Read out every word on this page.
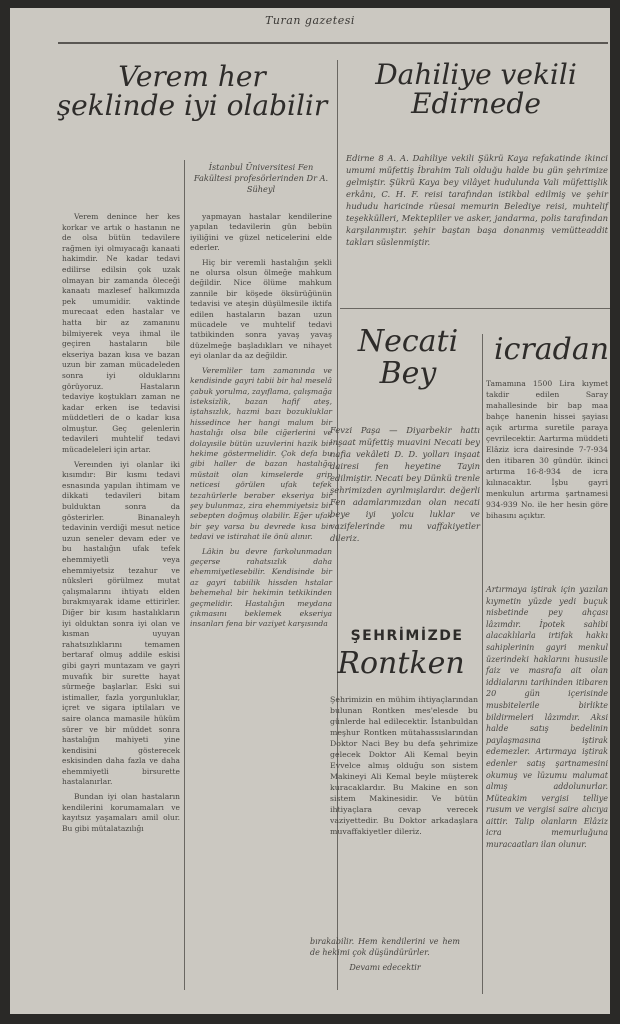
Turan gazetesi
Verem her şeklinde iyi olabilir

Verem denince her kes korkar ve artık o hastanın ne de olsa bütün tedavilere rağmen iyi olmıyacağı kanaati hakimdir. Ne kadar tedavi edilirse edilsin çok uzak olmayan bir zamanda öleceği kanaatı mazlesef halkımızda pek umumidir. vaktinde murecaat eden hastalar ve hatta bir az zamanınu bilmiyerek veya ihmal ile geçiren hastaların bile ekseriya bazan kısa ve bazan uzun bir zaman mücadeleden sonra iyi olduklarını görüyoruz. Hastaların tedaviye koştukları zaman ne kadar erken ise tedavisi müddetleri de o kadar kısa olmuştur. Geç gelenlerin tedavileri muhtelif tedavi mücadeleleri için artar.

Vereınden iyi olanlar iki kısımdır: Bir kısmı tedavi esnasında yapılan ihtimam ve dikkati tedavileri bitam bulduktan sonra da gösterirler. Binanaleyh tedavinin verdiği mesut netice uzun seneler devam eder ve bu hastalığın ufak tefek ehemmiyetli veya ehemmiyetsiz tezahur ve nüksleri görülmez mutat çalışmalarını ihtiyatı elden bırakmıyarak idame ettirirler. Diğer bir kısım hastalıkların iyi olduktan sonra iyi olan ve kısman uyuyan rahatsızlıklarını temamen bertaraf olmuş addile eskisi gibi gayri muntazam ve gayri muvafık bir surette hayat sürmeğe başlarlar. Eski sui istimaller, fazla yorgunluklar, içret ve sigara iptilaları ve saire olanca mamasile hüküm sürer ve bir müddet sonra hastalığın mahiyeti yine kendisini gösterecek eskisinden daha fazla ve daha ehemmiyetli birsurette hastalanırlar.

Bundan iyi olan hastaların kendilerini korumamaları ve kayıtsız yaşamaları amil olur. Bu gibi mütalatazılığı

İstanbul Üniversitesi Fen Fakültesi profesörlerinden Dr A. Süheyl

yapmayan hastalar kendilerine yapılan tedavilerin gün bebün iyiliğini ve güzel neticelerini elde ederler.

Hiç bir veremli hastalığın şekli ne olursa olsun ölmeğe mahkum değildir. Nice ölüme mahkum zannile bir köşede öksürüğünün tedavisi ve ateşin düşülmesile iktifa edilen hastaların bazan uzun mücadele ve muhtelif tedavi tatbikinden sonra yavaş yavaş düzelmeğe başladıkları ve nihayet eyi olanlar da az değildir.

Veremliler tam zamanında ve kendisinde gayri tabii bir hal meselâ çabuk yorulma, zayıflama, çalışmağa isteksizlik, bazan hafif ateş, iştahsızlık, hazmi bazı bozukluklar hissedince her hangi malum bir hastalığı olsa bile ciğerlerini ve dolayısile bütün uzuvlerini hazik bir hekime göstermelidir. Çok defa bu gibi haller de bazan hastalığa müstait olan kimselerde grip neticesi görülen ufak tefek tezahürlerle beraber ekseriya bir şey bulunmaz, zira ehemmiyetsiz bir sebepten doğmuş olabilir. Eğer ufak bir şey varsa bu devrede kısa bir tedavi ve istirahat ile önü alınır.

Lâkin bu devre farkolunmadan geçerse rahatsızlık daha ehemmiyetlesebilir. Kendisinde bir az gayri tabiilik hissden hstalar behemehal bir hekimin tetkikinden geçmelidir. Hastalığın meydana çıkmasını beklemek ekseriya insanları fena bir vaziyet karşısında

bırakabilir. Hem kendilerini ve hem de hekimi çok düşündürürler.

Devamı edecektir
Dahiliye vekili Edirnede
Edirne 8 A. A. Dahiliye vekili Şükrü Kaya refakatinde ikinci umumi müfettiş İbrahim Tali olduğu halde bu gün şehrimize gelmiştir. Şükrü Kaya bey vilâyet hudulunda Vali müfettişlik erkânı, C. H. F. reisi tarafından istikbal edilmiş ve şehir hududu haricinde rüesai memurin Belediye reisi, muhtelif teşekkülleri, Mektepliler ve asker, jandarma, polis tarafından karşılanmıştır. şehir baştan başa donanmış vemütteaddit takları süslenmiştir.
Necati Bey
Fevzi Paşa — Diyarbekir hattı inşaat müfettiş muavini Necati bey nafia vekâleti D. D. yolları inşaat dairesi fen heyetine Tayin edilmiştir. Necati bey Dünkü trenle şehrimizden ayrılmışlardır. değerli Fen adamlarımızdan olan necati beye iyi yolcu luklar ve vazifelerinde mu vaffakiyetler dileriz.
ŞEHRİMİZDE
Rontken
Şehrimizin en mühim ihtiyaçlarından bulunan Rontken mes'elesde bu günlerde hal edilecektir. İstanbuldan meşhur Rontken mütahassıslarından Doktor Naci Bey bu defa şehrimize gelecek Doktor Ali Kemal beyin Evvelce almış olduğu son sistem Makineyi Ali Kemal beyle müşterek kuracaklardır. Bu Makine en son sistem Makinesidir. Ve bütün ihtiyaçlara cevap verecek vaziyettedir. Bu Doktor arkadaşlara muvaffakiyetler dileriz.
icradan
Tamamına 1500 Lira kıymet takdir edilen Saray mahallesinde bir bap maa bahçe hanenin hissei şayiası açık artırma suretile paraya çevrilecektir. Aartırma müddeti Elâziz icra dairesinde 7-7-934 den itibaren 30 gündür. ikinci artırma 16-8-934 de icra kılınacaktır. İşbu gayri menkulun artırma şartnamesi 934-939 No. ile her hesin göre bihasını açıktır.
Artırmaya iştirak için yazılan kıymetin yüzde yedi buçuk nisbetinde pey ahçası lâzımdır. İpotek sahibi alacaklılarla irtifak hakkı sahiplerinin gayri menkul üzerindeki haklarını hususile faiz ve masrafa ait olan iddialarını tarihinden itibaren 20 gün içerisinde musbitelerile birlikte bildirmeleri lâzımdır. Aksi halde satış bedelinin paylaşmasına iştirak edemezler. Artırmaya iştirak edenler satış şartnamesini okumuş ve lüzumu malumat almış addolunurlar. Müteakim vergisi telliye rusum ve vergisi saire alıcıya aittir. Talip olanların Elâziz icra memurluğuna muracaatları ilan olunur.
